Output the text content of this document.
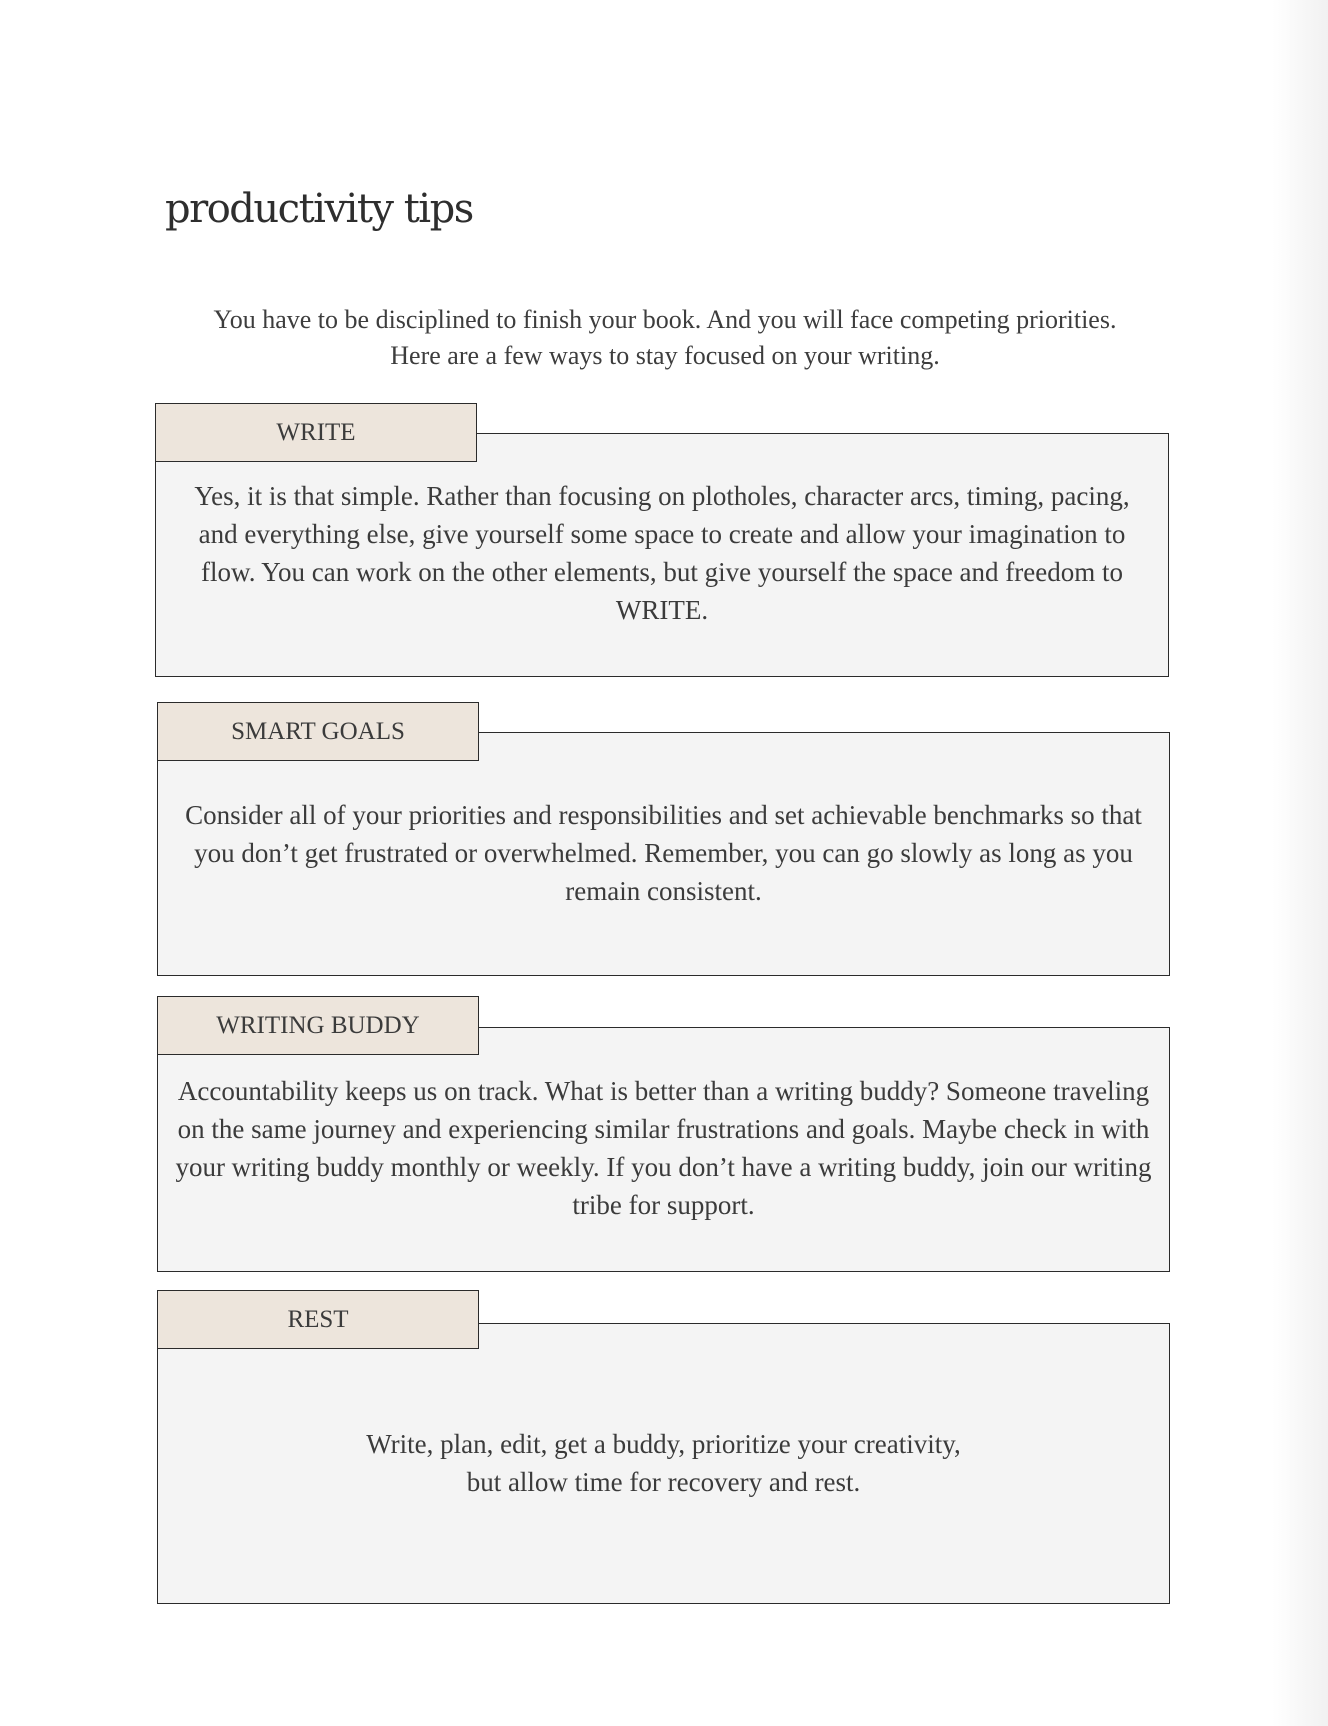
productivity tips
You have to be disciplined to finish your book. And you will face competing priorities.
Here are a few ways to stay focused on your writing.
WRITE
Yes, it is that simple. Rather than focusing on plotholes, character arcs, timing, pacing,
and everything else, give yourself some space to create and allow your imagination to
flow. You can work on the other elements, but give yourself the space and freedom to
WRITE.
SMART GOALS
Consider all of your priorities and responsibilities and set achievable benchmarks so that
you don’t get frustrated or overwhelmed. Remember, you can go slowly as long as you
remain consistent.
WRITING BUDDY
Accountability keeps us on track. What is better than a writing buddy? Someone traveling
on the same journey and experiencing similar frustrations and goals. Maybe check in with
your writing buddy monthly or weekly. If you don’t have a writing buddy, join our writing
tribe for support.
REST
Write, plan, edit, get a buddy, prioritize your creativity,
but allow time for recovery and rest.
